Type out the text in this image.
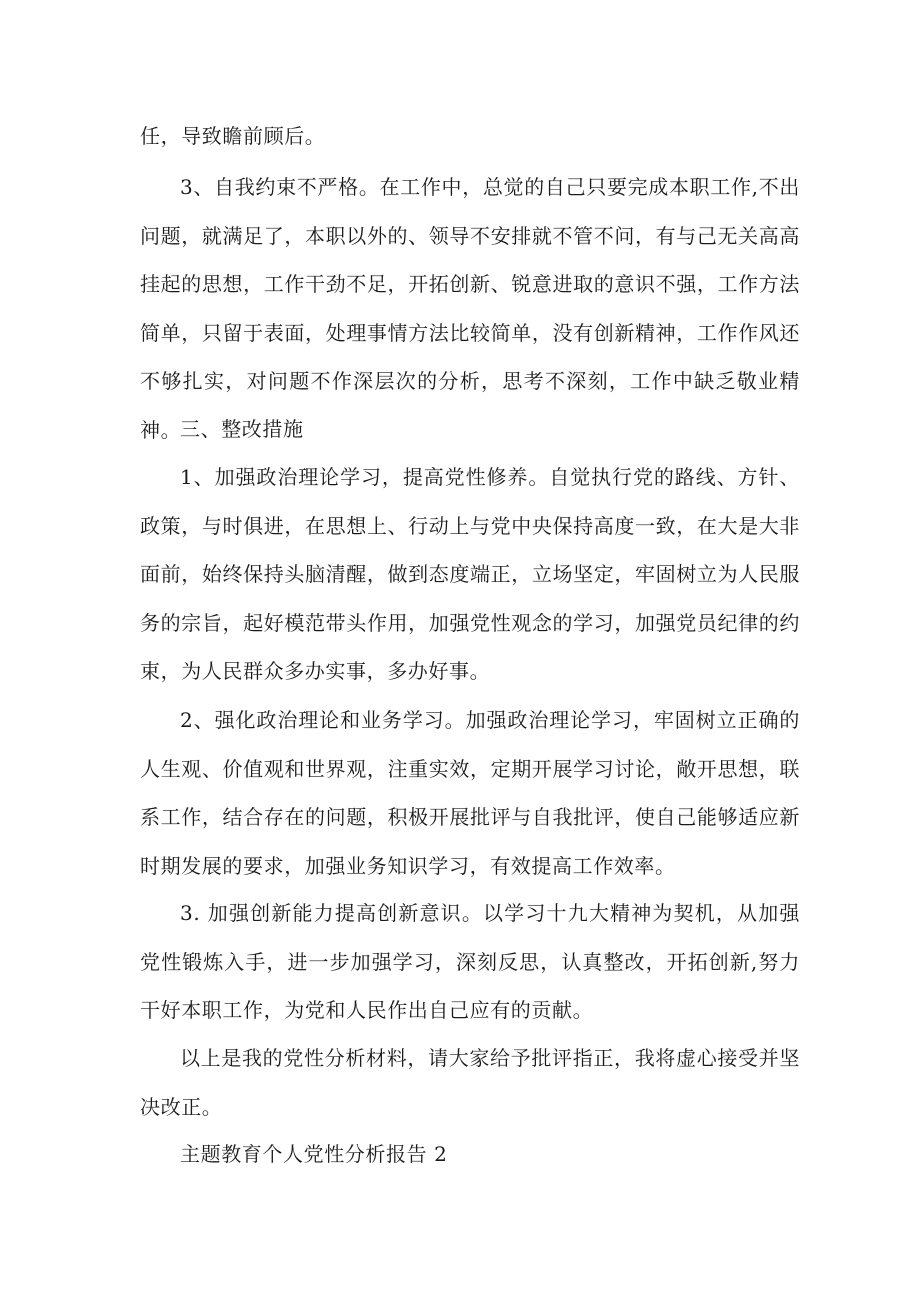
任，导致瞻前顾后。

3、自我约束不严格。在工作中，总觉的自己只要完成本职工作,不出问题，就满足了，本职以外的、领导不安排就不管不问，有与己无关高高挂起的思想，工作干劲不足，开拓创新、锐意进取的意识不强，工作方法简单，只留于表面，处理事情方法比较简单，没有创新精神，工作作风还不够扎实，对问题不作深层次的分析，思考不深刻，工作中缺乏敬业精神。

三、整改措施

1、加强政治理论学习，提高党性修养。自觉执行党的路线、方针、政策，与时俱进，在思想上、行动上与党中央保持高度一致，在大是大非面前，始终保持头脑清醒，做到态度端正，立场坚定，牢固树立为人民服务的宗旨，起好模范带头作用，加强党性观念的学习，加强党员纪律的约束，为人民群众多办实事，多办好事。

2、强化政治理论和业务学习。加强政治理论学习，牢固树立正确的人生观、价值观和世界观，注重实效，定期开展学习讨论，敞开思想，联系工作，结合存在的问题，积极开展批评与自我批评，使自己能够适应新时期发展的要求，加强业务知识学习，有效提高工作效率。

3. 加强创新能力提高创新意识。以学习十九大精神为契机，从加强党性锻炼入手，进一步加强学习，深刻反思，认真整改，开拓创新,努力干好本职工作，为党和人民作出自己应有的贡献。

以上是我的党性分析材料，请大家给予批评指正，我将虚心接受并坚决改正。

主题教育个人党性分析报告 2
